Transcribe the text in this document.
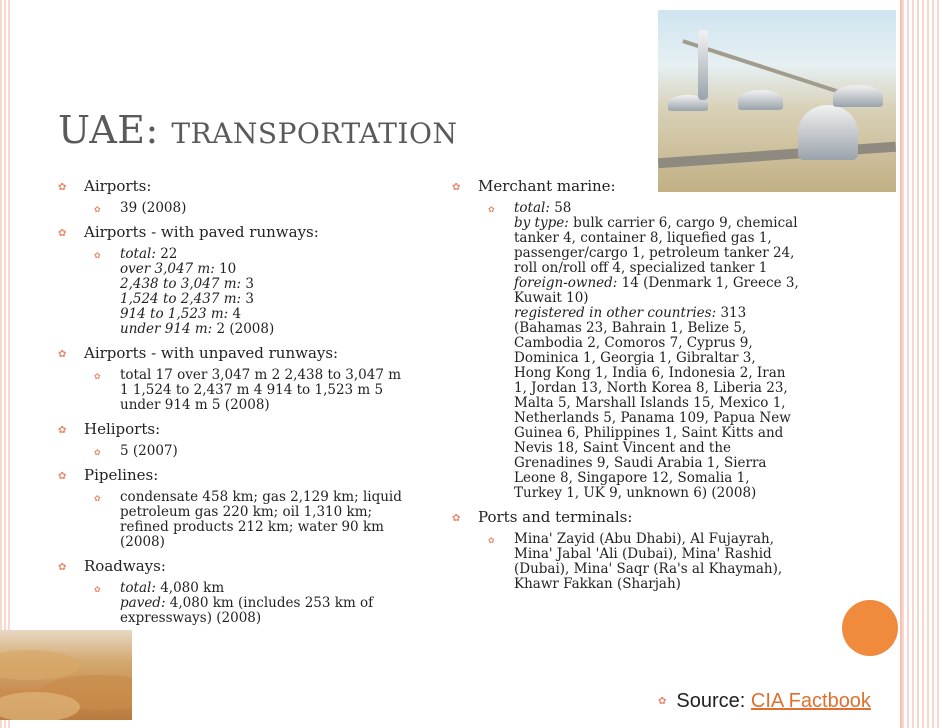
UAE: TRANSPORTATION
✿ Airports:
✿ 39 (2008)
✿ Airports - with paved runways:
✿ total: 22
over 3,047 m: 10
2,438 to 3,047 m: 3
1,524 to 2,437 m: 3
914 to 1,523 m: 4
under 914 m: 2 (2008)
✿ Airports - with unpaved runways:
✿ total 17 over 3,047 m 2 2,438 to 3,047 m
1 1,524 to 2,437 m 4 914 to 1,523 m 5
under 914 m 5 (2008)
✿ Heliports:
✿ 5 (2007)
✿ Pipelines:
✿ condensate 458 km; gas 2,129 km; liquid
petroleum gas 220 km; oil 1,310 km;
refined products 212 km; water 90 km
(2008)
✿ Roadways:
✿ total: 4,080 km
paved: 4,080 km (includes 253 km of
expressways) (2008)
✿ Merchant marine:
✿ total: 58
by type: bulk carrier 6, cargo 9, chemical
tanker 4, container 8, liquefied gas 1,
passenger/cargo 1, petroleum tanker 24,
roll on/roll off 4, specialized tanker 1
foreign-owned: 14 (Denmark 1, Greece 3,
Kuwait 10)
registered in other countries: 313
(Bahamas 23, Bahrain 1, Belize 5,
Cambodia 2, Comoros 7, Cyprus 9,
Dominica 1, Georgia 1, Gibraltar 3,
Hong Kong 1, India 6, Indonesia 2, Iran
1, Jordan 13, North Korea 8, Liberia 23,
Malta 5, Marshall Islands 15, Mexico 1,
Netherlands 5, Panama 109, Papua New
Guinea 6, Philippines 1, Saint Kitts and
Nevis 18, Saint Vincent and the
Grenadines 9, Saudi Arabia 1, Sierra
Leone 8, Singapore 12, Somalia 1,
Turkey 1, UK 9, unknown 6) (2008)
✿ Ports and terminals:
✿ Mina' Zayid (Abu Dhabi), Al Fujayrah,
Mina' Jabal 'Ali (Dubai), Mina' Rashid
(Dubai), Mina' Saqr (Ra's al Khaymah),
Khawr Fakkan (Sharjah)
✿ Source: CIA Factbook
